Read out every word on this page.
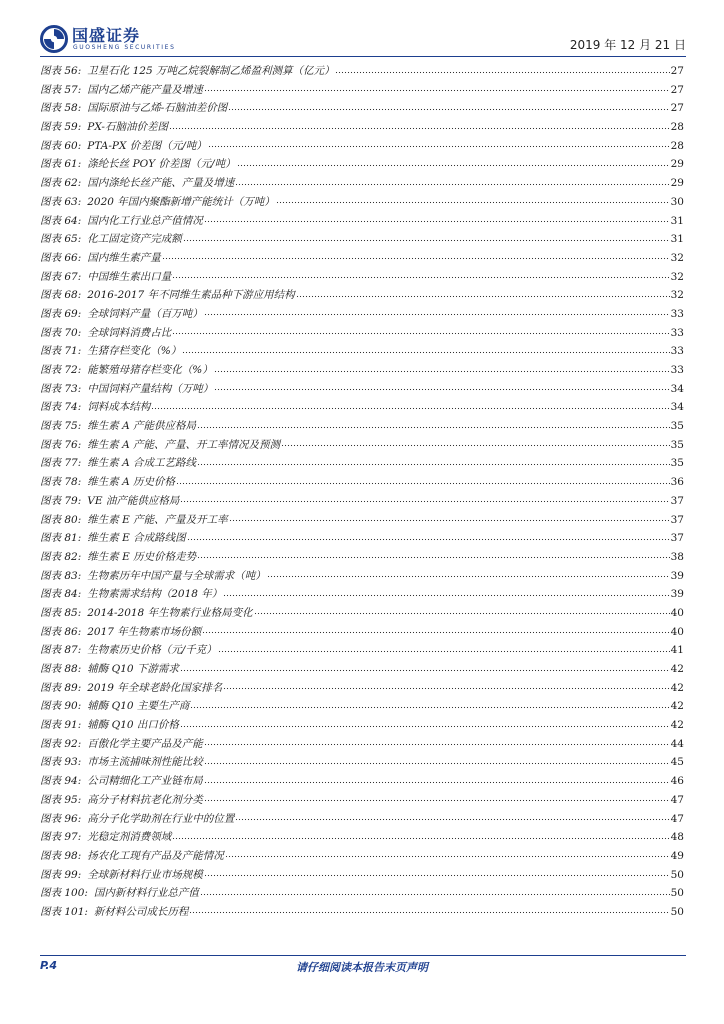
国盛证券
GUOSHENG SECURITIES	2019 年 12 月 21 日
图表 56: 卫星石化 125 万吨乙烷裂解制乙烯盈利测算（亿元）	27
图表 57: 国内乙烯产能产量及增速	27
图表 58: 国际原油与乙烯-石脑油差价图	27
图表 59: PX-石脑油价差图	28
图表 60: PTA-PX 价差图（元/吨）	28
图表 61: 涤纶长丝 POY 价差图（元/吨）	29
图表 62: 国内涤纶长丝产能、产量及增速	29
图表 63: 2020 年国内聚酯新增产能统计（万吨）	30
图表 64: 国内化工行业总产值情况	31
图表 65: 化工固定资产完成额	31
图表 66: 国内维生素产量	32
图表 67: 中国维生素出口量	32
图表 68: 2016-2017 年不同维生素品种下游应用结构	32
图表 69: 全球饲料产量（百万吨）	33
图表 70: 全球饲料消费占比	33
图表 71: 生猪存栏变化（%）	33
图表 72: 能繁殖母猪存栏变化（%）	33
图表 73: 中国饲料产量结构（万吨）	34
图表 74: 饲料成本结构	34
图表 75: 维生素 A 产能供应格局	35
图表 76: 维生素 A 产能、产量、开工率情况及预测	35
图表 77: 维生素 A 合成工艺路线	35
图表 78: 维生素 A 历史价格	36
图表 79: VE 油产能供应格局	37
图表 80: 维生素 E 产能、产量及开工率	37
图表 81: 维生素 E 合成路线图	37
图表 82: 维生素 E 历史价格走势	38
图表 83: 生物素历年中国产量与全球需求（吨）	39
图表 84: 生物素需求结构（2018 年）	39
图表 85: 2014-2018 年生物素行业格局变化	40
图表 86: 2017 年生物素市场份额	40
图表 87: 生物素历史价格（元/千克）	41
图表 88: 辅酶 Q10 下游需求	42
图表 89: 2019 年全球老龄化国家排名	42
图表 90: 辅酶 Q10 主要生产商	42
图表 91: 辅酶 Q10 出口价格	42
图表 92: 百傲化学主要产品及产能	44
图表 93: 市场主流捕味剂性能比较	45
图表 94: 公司精细化工产业链布局	46
图表 95: 高分子材料抗老化剂分类	47
图表 96: 高分子化学助剂在行业中的位置	47
图表 97: 光稳定剂消费领域	48
图表 98: 扬农化工现有产品及产能情况	49
图表 99: 全球新材料行业市场规模	50
图表 100: 国内新材料行业总产值	50
图表 101: 新材料公司成长历程	50
P.4	请仔细阅读本报告末页声明
